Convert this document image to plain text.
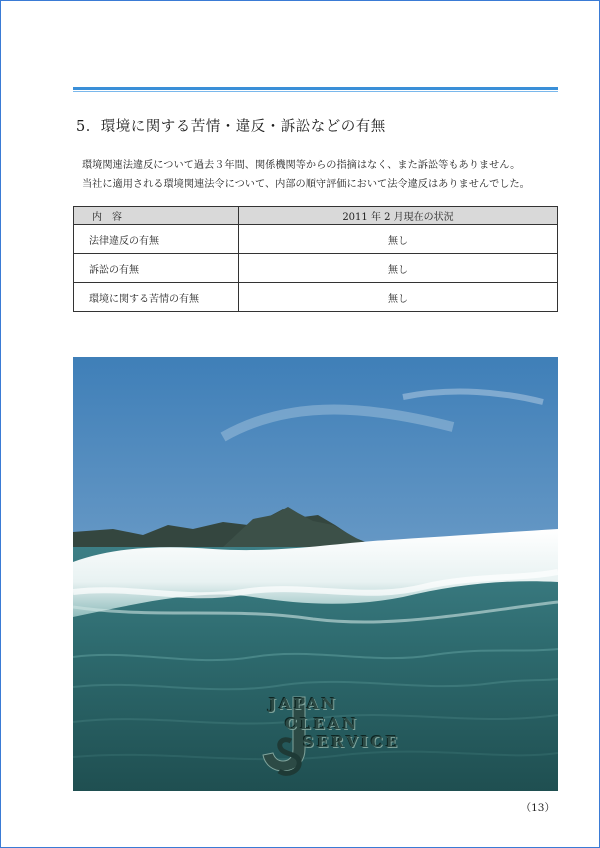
5．環境に関する苦情・違反・訴訟などの有無
環境関連法違反について過去３年間、関係機関等からの指摘はなく、また訴訟等もありません。
当社に適用される環境関連法令について、内部の順守評価において法令違反はありませんでした。
内　容	2011 年 2 月現在の状況
法律違反の有無	無し
訴訟の有無	無し
環境に関する苦情の有無	無し
JAPAN
CLEAN
SERVICE
（13）
